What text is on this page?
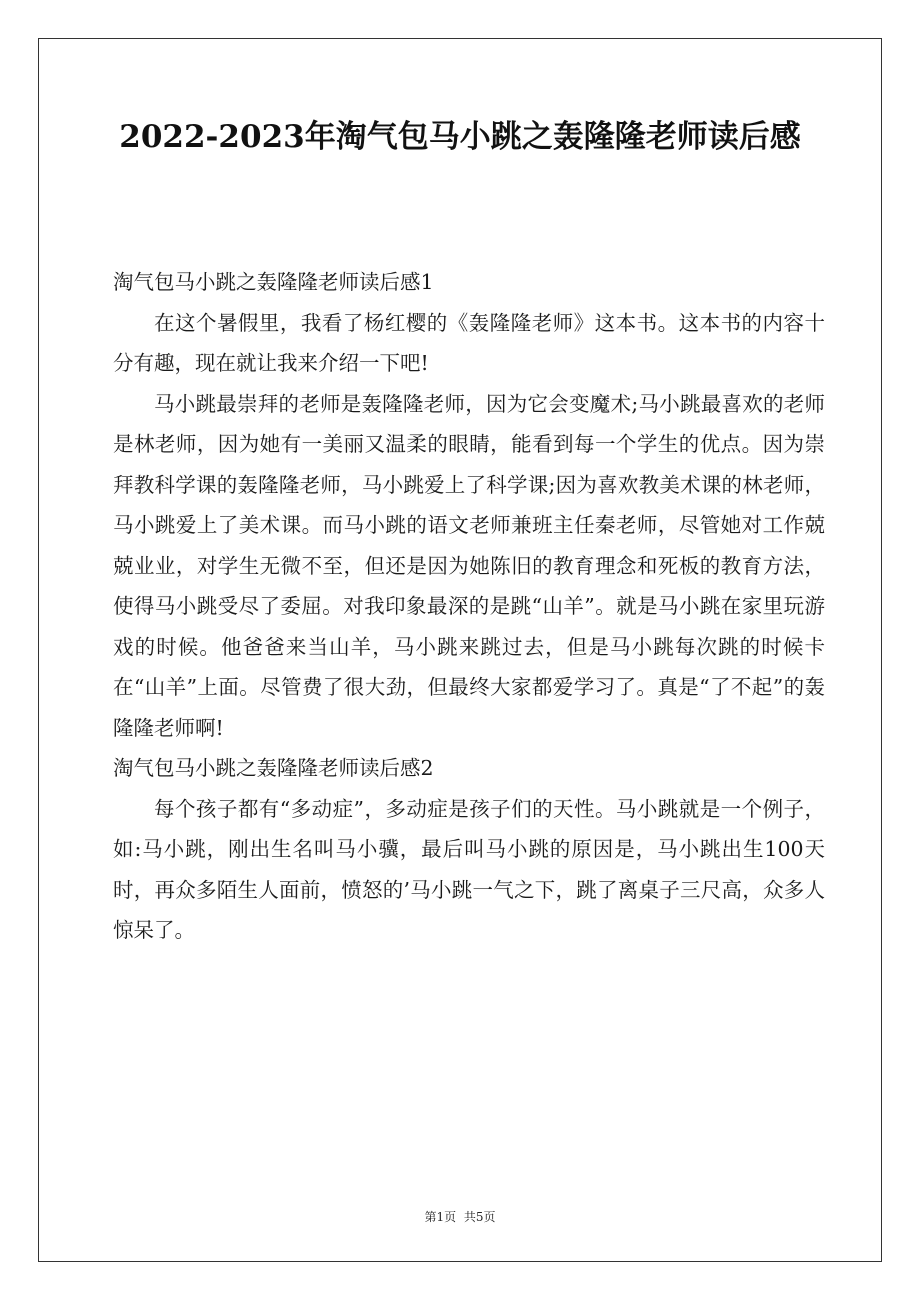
2022-2023年淘气包马小跳之轰隆隆老师读后感

淘气包马小跳之轰隆隆老师读后感1

在这个暑假里，我看了杨红樱的《轰隆隆老师》这本书。这本书的内容十分有趣，现在就让我来介绍一下吧!

马小跳最崇拜的老师是轰隆隆老师，因为它会变魔术;马小跳最喜欢的老师是林老师，因为她有一美丽又温柔的眼睛，能看到每一个学生的优点。因为崇拜教科学课的轰隆隆老师，马小跳爱上了科学课;因为喜欢教美术课的林老师，马小跳爱上了美术课。而马小跳的语文老师兼班主任秦老师，尽管她对工作兢兢业业，对学生无微不至，但还是因为她陈旧的教育理念和死板的教育方法，使得马小跳受尽了委屈。对我印象最深的是跳“山羊”。就是马小跳在家里玩游戏的时候。他爸爸来当山羊，马小跳来跳过去，但是马小跳每次跳的时候卡在“山羊”上面。尽管费了很大劲，但最终大家都爱学习了。真是“了不起”的轰隆隆老师啊!

淘气包马小跳之轰隆隆老师读后感2

每个孩子都有“多动症”，多动症是孩子们的天性。马小跳就是一个例子，如:马小跳，刚出生名叫马小骥，最后叫马小跳的原因是，马小跳出生100天时，再众多陌生人面前，愤怒的’马小跳一气之下，跳了离桌子三尺高，众多人惊呆了。

第1页 共5页
